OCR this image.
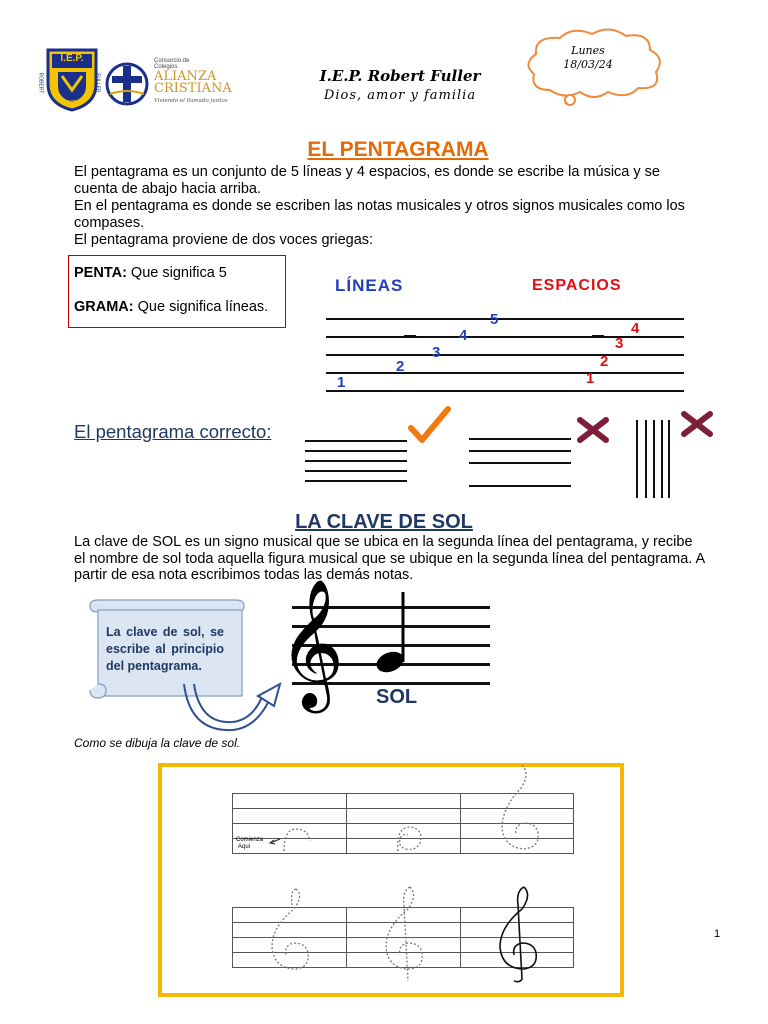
I.E.P.
ROBERT	FULLER
PIURA
Consorcio de Colegios
ALIANZA CRISTIANA
Viviendo el llamado juntos
I.E.P. Robert Fuller
Dios, amor y familia
Lunes
18/03/24
EL PENTAGRAMA
El pentagrama es un conjunto de 5 líneas y 4 espacios, es donde se escribe la música y se cuenta de abajo hacia arriba.
En el pentagrama es donde se escriben las notas musicales y otros signos musicales como los compases.
El pentagrama proviene de dos voces griegas:
PENTA: Que significa 5
GRAMA: Que significa líneas.
LÍNEAS	ESPACIOS
1
2
3
4
5
1
2
3
4
El pentagrama correcto:
LA CLAVE DE SOL
La clave de SOL es un signo musical que se ubica en la segunda línea del pentagrama, y recibe el nombre de sol toda aquella figura musical que se ubique en la segunda línea del pentagrama. A partir de esa nota escribimos todas las demás notas.
La clave de sol, se escribe al principio del pentagrama. 𝄞 SOL
Como se dibuja la clave de sol.
Comienza
Aquí
1
